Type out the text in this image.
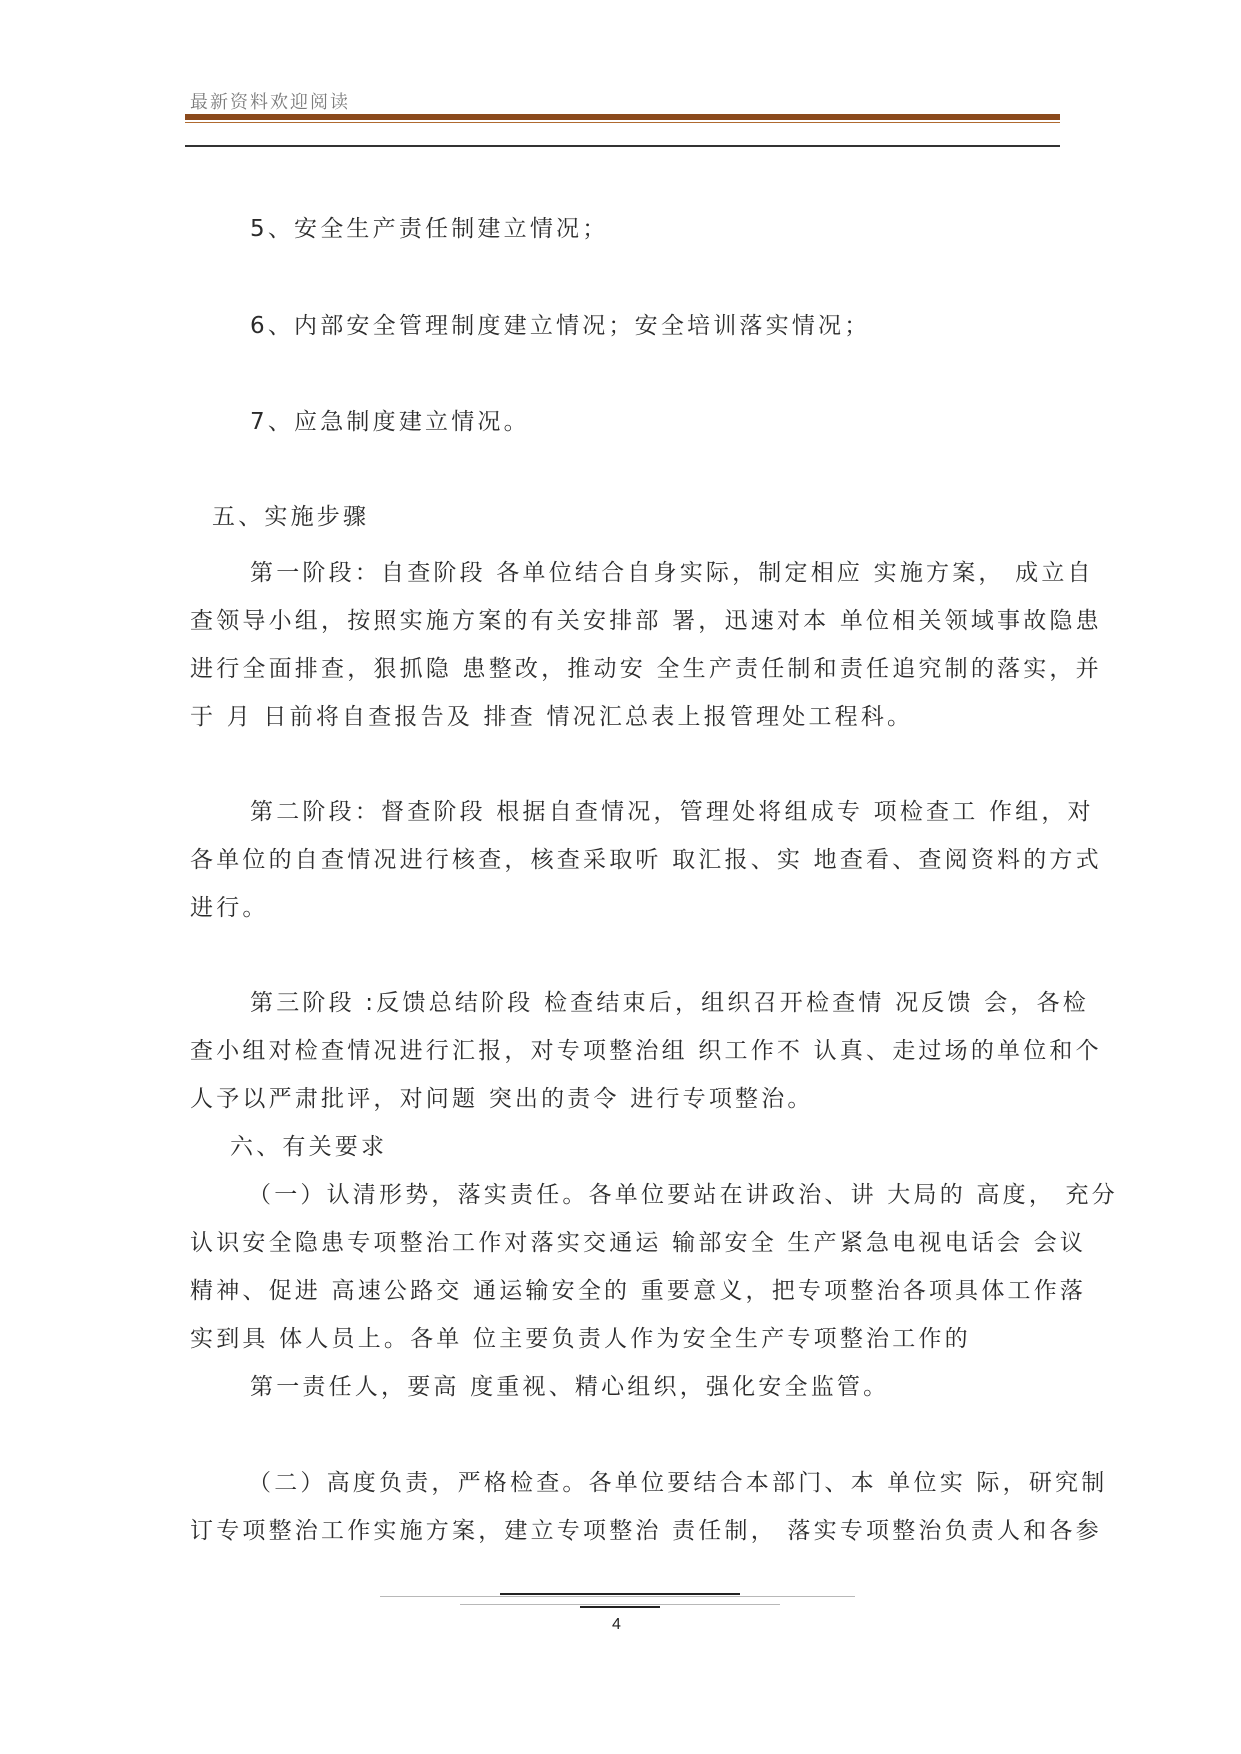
最新资料欢迎阅读
5、安全生产责任制建立情况；
6、内部安全管理制度建立情况；安全培训落实情况；
7、应急制度建立情况。
五、实施步骤
第一阶段：自查阶段 各单位结合自身实际，制定相应 实施方案， 成立自
查领导小组，按照实施方案的有关安排部 署，迅速对本 单位相关领域事故隐患
进行全面排查，狠抓隐 患整改，推动安 全生产责任制和责任追究制的落实，并
于 月 日前将自查报告及 排查 情况汇总表上报管理处工程科。
第二阶段：督查阶段 根据自查情况，管理处将组成专 项检查工 作组，对
各单位的自查情况进行核查，核查采取听 取汇报、实 地查看、查阅资料的方式
进行。
第三阶段 :反馈总结阶段 检查结束后，组织召开检查情 况反馈 会，各检
查小组对检查情况进行汇报，对专项整治组 织工作不 认真、走过场的单位和个
人予以严肃批评，对问题 突出的责令 进行专项整治。
六、有关要求
（一）认清形势，落实责任。各单位要站在讲政治、讲 大局的 高度， 充分
认识安全隐患专项整治工作对落实交通运 输部安全 生产紧急电视电话会 会议
精神、促进 高速公路交 通运输安全的 重要意义，把专项整治各项具体工作落
实到具 体人员上。各单 位主要负责人作为安全生产专项整治工作的
第一责任人，要高 度重视、精心组织，强化安全监管。
（二）高度负责，严格检查。各单位要结合本部门、本 单位实 际，研究制
订专项整治工作实施方案，建立专项整治 责任制， 落实专项整治负责人和各参
4
